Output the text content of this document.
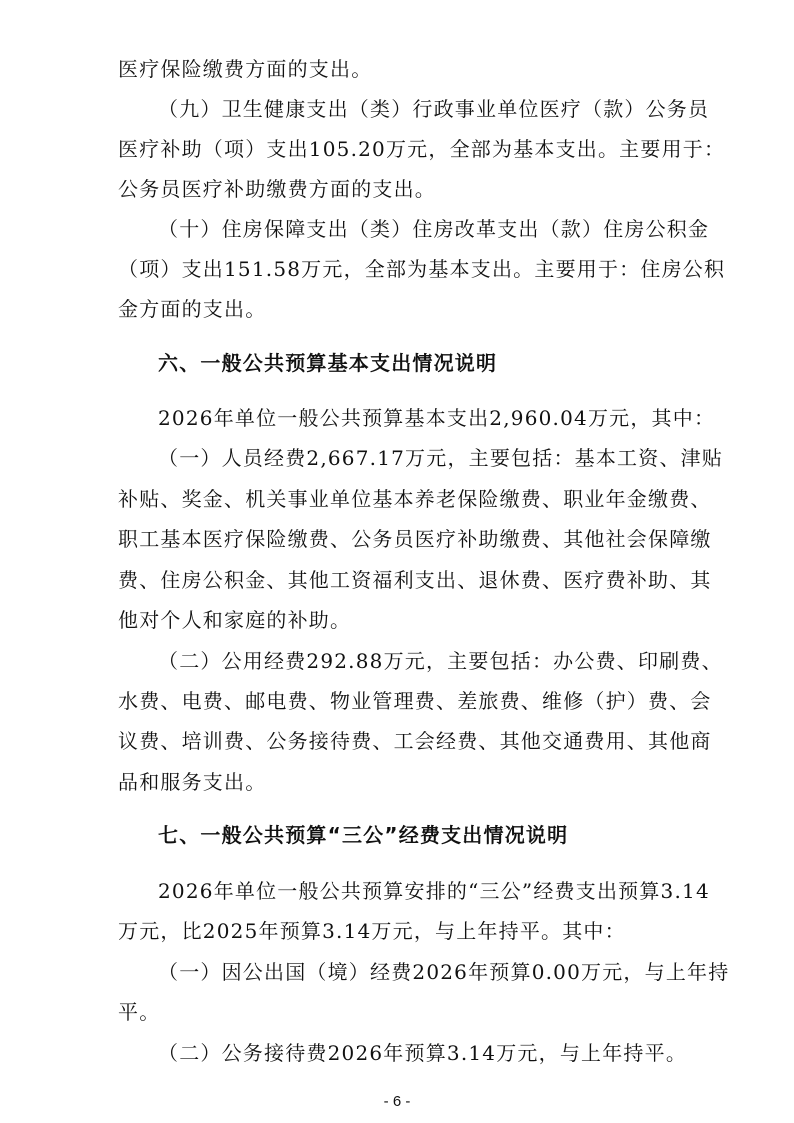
医疗保险缴费方面的支出。
（九）卫生健康支出（类）行政事业单位医疗（款）公务员
医疗补助（项）支出105.20万元，全部为基本支出。主要用于：
公务员医疗补助缴费方面的支出。
（十）住房保障支出（类）住房改革支出（款）住房公积金
（项）支出151.58万元，全部为基本支出。主要用于：住房公积
金方面的支出。
六、一般公共预算基本支出情况说明
2026年单位一般公共预算基本支出2,960.04万元，其中：
（一）人员经费2,667.17万元，主要包括：基本工资、津贴
补贴、奖金、机关事业单位基本养老保险缴费、职业年金缴费、
职工基本医疗保险缴费、公务员医疗补助缴费、其他社会保障缴
费、住房公积金、其他工资福利支出、退休费、医疗费补助、其
他对个人和家庭的补助。
（二）公用经费292.88万元，主要包括：办公费、印刷费、
水费、电费、邮电费、物业管理费、差旅费、维修（护）费、会
议费、培训费、公务接待费、工会经费、其他交通费用、其他商
品和服务支出。
七、一般公共预算“三公”经费支出情况说明
2026年单位一般公共预算安排的“三公”经费支出预算3.14
万元，比2025年预算3.14万元，与上年持平。其中：
（一）因公出国（境）经费2026年预算0.00万元，与上年持
平。
（二）公务接待费2026年预算3.14万元，与上年持平。
- 6 -
